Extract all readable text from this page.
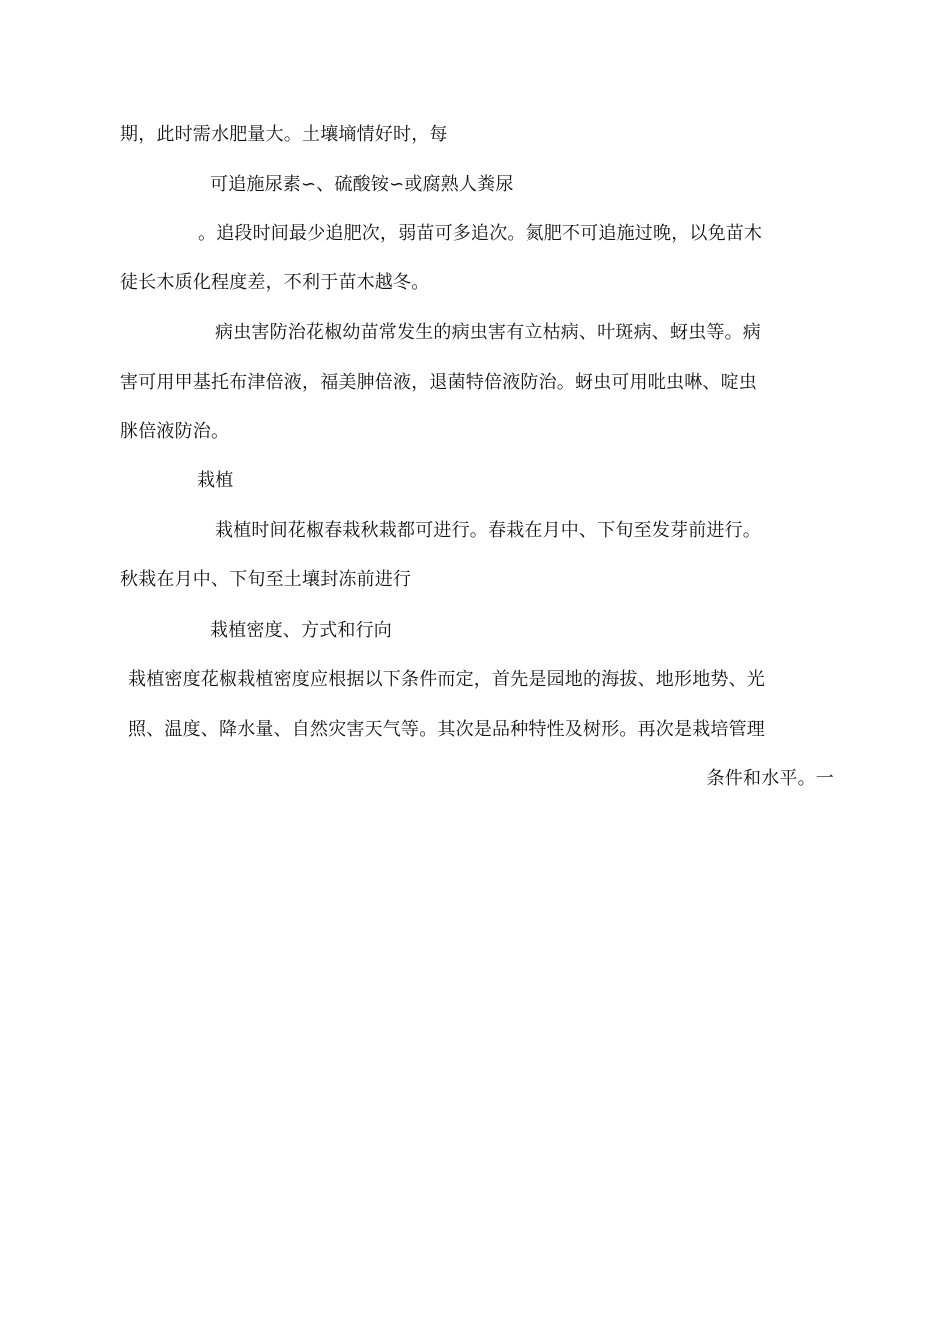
期，此时需水肥量大。土壤墒情好时，每
可追施尿素∽、硫酸铵∽或腐熟人粪尿
。追段时间最少追肥次，弱苗可多追次。氮肥不可追施过晚，以免苗木
徒长木质化程度差，不利于苗木越冬。
病虫害防治花椒幼苗常发生的病虫害有立枯病、叶斑病、蚜虫等。病
害可用甲基托布津倍液，福美胂倍液，退菌特倍液防治。蚜虫可用吡虫啉、啶虫
脒倍液防治。
栽植
栽植时间花椒春栽秋栽都可进行。春栽在月中、下旬至发芽前进行。
秋栽在月中、下旬至土壤封冻前进行
栽植密度、方式和行向
栽植密度花椒栽植密度应根据以下条件而定，首先是园地的海拔、地形地势、光
照、温度、降水量、自然灾害天气等。其次是品种特性及树形。再次是栽培管理
条件和水平。一
